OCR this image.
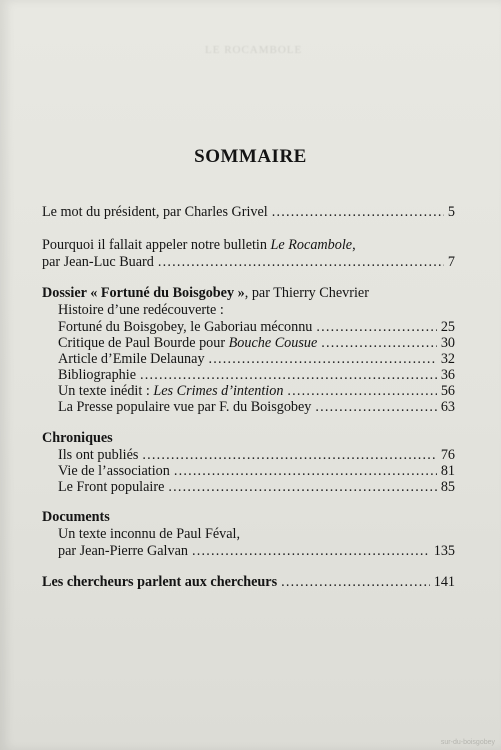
LE ROCAMBOLE
SOMMAIRE
Le mot du président, par Charles Grivel .....	5
Pourquoi il fallait appeler notre bulletin Le Rocambole,
par Jean-Luc Buard .....	7
Dossier « Fortuné du Boisgobey », par Thierry Chevrier
Histoire d’une redécouverte :
Fortuné du Boisgobey, le Gaboriau méconnu .....	25
Critique de Paul Bourde pour Bouche Cousue .....	30
Article d’Emile Delaunay .....	32
Bibliographie .....	36
Un texte inédit : Les Crimes d’intention .....	56
La Presse populaire vue par F. du Boisgobey .....	63
Chroniques
Ils ont publiés .....	76
Vie de l’association .....	81
Le Front populaire .....	85
Documents
Un texte inconnu de Paul Féval,
par Jean-Pierre Galvan .....	135
Les chercheurs parlent aux chercheurs .....	141
sur-du-boisgobey
